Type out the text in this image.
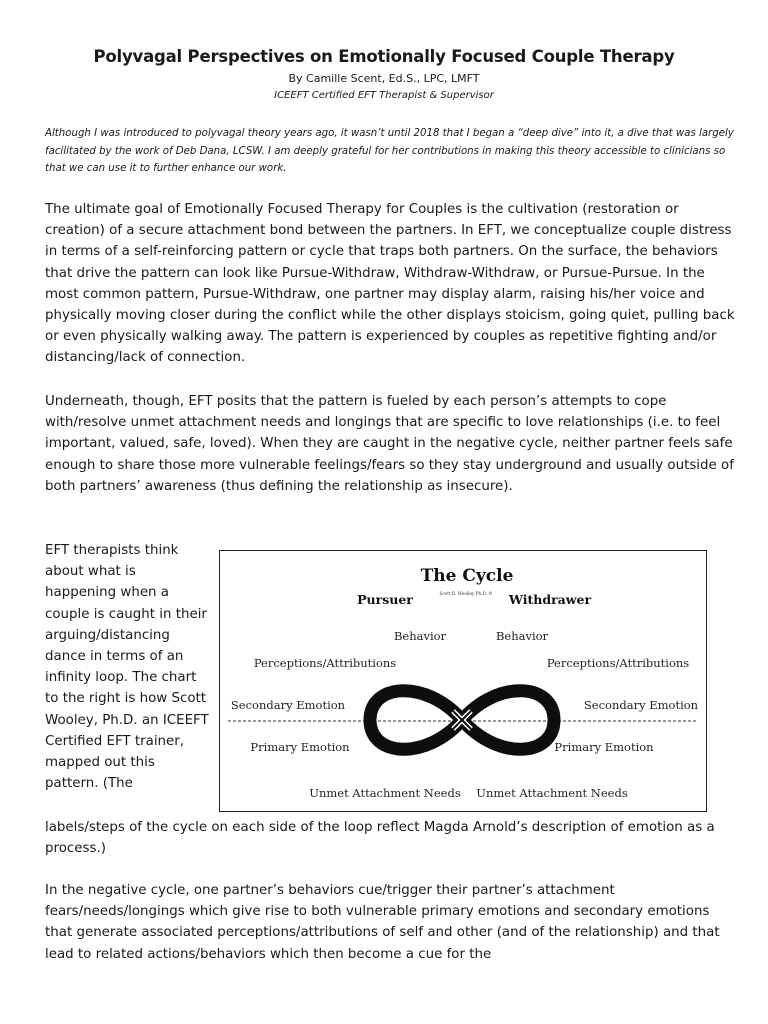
Polyvagal Perspectives on Emotionally Focused Couple Therapy
By Camille Scent, Ed.S., LPC, LMFT
ICEEFT Certified EFT Therapist & Supervisor
Although I was introduced to polyvagal theory years ago, it wasn’t until 2018 that I began a “deep dive” into it, a dive that was largely facilitated by the work of Deb Dana, LCSW. I am deeply grateful for her contributions in making this theory accessible to clinicians so that we can use it to further enhance our work.
The ultimate goal of Emotionally Focused Therapy for Couples is the cultivation (restoration or creation) of a secure attachment bond between the partners. In EFT, we conceptualize couple distress in terms of a self-reinforcing pattern or cycle that traps both partners. On the surface, the behaviors that drive the pattern can look like Pursue-Withdraw, Withdraw-Withdraw, or Pursue-Pursue. In the most common pattern, Pursue-Withdraw, one partner may display alarm, raising his/her voice and physically moving closer during the conflict while the other displays stoicism, going quiet, pulling back or even physically walking away. The pattern is experienced by couples as repetitive fighting and/or distancing/lack of connection.
Underneath, though, EFT posits that the pattern is fueled by each person’s attempts to cope with/resolve unmet attachment needs and longings that are specific to love relationships (i.e. to feel important, valued, safe, loved). When they are caught in the negative cycle, neither partner feels safe enough to share those more vulnerable feelings/fears so they stay underground and usually outside of both partners’ awareness (thus defining the relationship as insecure).
EFT therapists think about what is happening when a couple is caught in their arguing/distancing dance in terms of an infinity loop. The chart to the right is how Scott Wooley, Ph.D. an ICEEFT Certified EFT trainer, mapped out this pattern. (The
The Cycle
Scott R. Woolley Ph.D. ©
Pursuer	Withdrawer
Behavior
Perceptions/Attributions
Secondary Emotion
Primary Emotion
Unmet Attachment Needs
Behavior
Perceptions/Attributions
Secondary Emotion
Primary Emotion
Unmet Attachment Needs
labels/steps of the cycle on each side of the loop reflect Magda Arnold’s description of emotion as a process.)
In the negative cycle, one partner’s behaviors cue/trigger their partner’s attachment fears/needs/longings which give rise to both vulnerable primary emotions and secondary emotions that generate associated perceptions/attributions of self and other (and of the relationship) and that lead to related actions/behaviors which then become a cue for the
